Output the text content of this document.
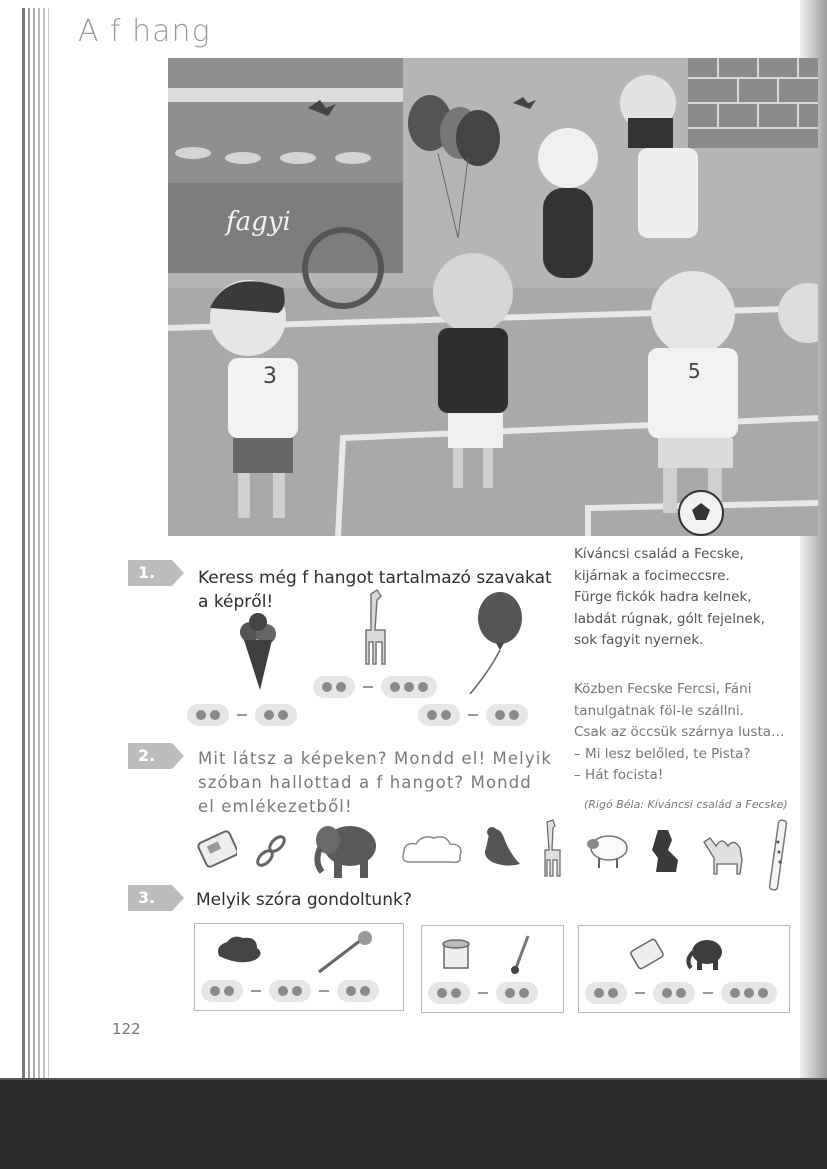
A f hang
3	5
fagyi
1.	Keress még f hangot tartalmazó szavakat a képről!
Kíváncsi család a Fecske,
kijárnak a focimeccsre.
Fürge fickók hadra kelnek,
labdát rúgnak, gólt fejelnek,
sok fagyit nyernek.
Közben Fecske Fercsi, Fáni
tanulgatnak föl-le szállni.
Csak az öccsük szárnya lusta…
– Mi lesz belőled, te Pista?
– Hát focista!
(Rigó Béla: Kíváncsi család a Fecske)
2.	Mit látsz a képeken? Mondd el! Melyik szóban hallottad a f hangot? Mondd el emlékezetből!
3.	Melyik szóra gondoltunk?
122
